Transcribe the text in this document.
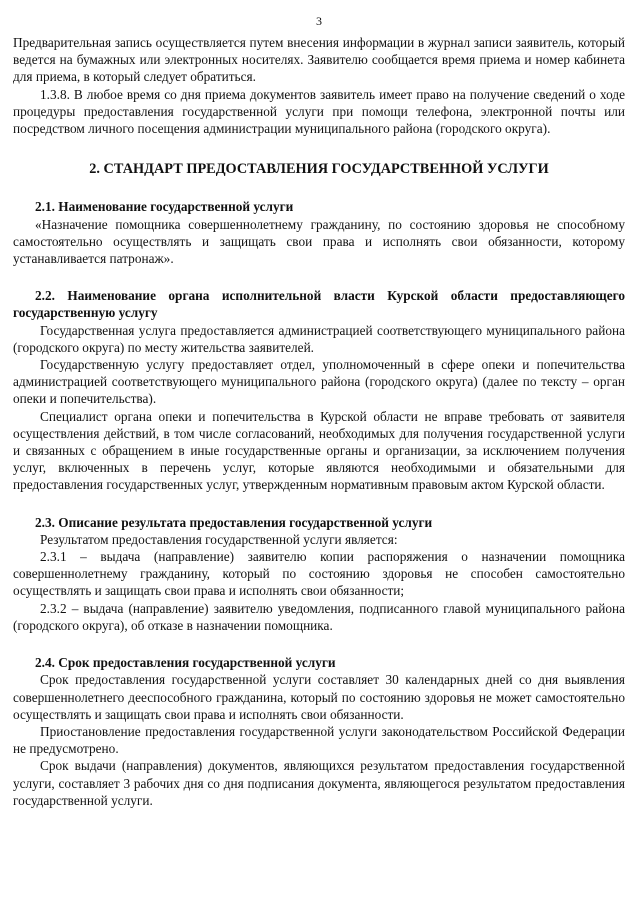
3

Предварительная запись осуществляется путем внесения информации в журнал записи заявитель, который ведется на бумажных или электронных носителях. Заявителю сообщается время приема и номер кабинета для приема, в который следует обратиться.

1.3.8. В любое время со дня приема документов заявитель имеет право на получение сведений о ходе процедуры предоставления государственной услуги при помощи телефона, электронной почты или посредством личного посещения администрации муниципального района (городского округа).

2. СТАНДАРТ ПРЕДОСТАВЛЕНИЯ ГОСУДАРСТВЕННОЙ УСЛУГИ

2.1. Наименование государственной услуги

«Назначение помощника совершеннолетнему гражданину, по состоянию здоровья не способному самостоятельно осуществлять и защищать свои права и исполнять свои обязанности, которому устанавливается патронаж».

2.2. Наименование органа исполнительной власти Курской области предоставляющего государственную услугу

Государственная услуга предоставляется администрацией соответствующего муниципального района (городского округа) по месту жительства заявителей.

Государственную услугу предоставляет отдел, уполномоченный в сфере опеки и попечительства администрацией соответствующего муниципального района (городского округа) (далее по тексту – орган опеки и попечительства).

Специалист органа опеки и попечительства в Курской области не вправе требовать от заявителя осуществления действий, в том числе согласований, необходимых для получения государственной услуги и связанных с обращением в иные государственные органы и организации, за исключением получения услуг, включенных в перечень услуг, которые являются необходимыми и обязательными для предоставления государственных услуг, утвержденным нормативным правовым актом Курской области.

2.3. Описание результата предоставления государственной услуги

Результатом предоставления государственной услуги является:

2.3.1 – выдача (направление) заявителю копии распоряжения о назначении помощника совершеннолетнему гражданину, который по состоянию здоровья не способен самостоятельно осуществлять и защищать свои права и исполнять свои обязанности;

2.3.2 – выдача (направление) заявителю уведомления, подписанного главой муниципального района (городского округа), об отказе в назначении помощника.

2.4. Срок предоставления государственной услуги

Срок предоставления государственной услуги составляет 30 календарных дней со дня выявления совершеннолетнего дееспособного гражданина, который по состоянию здоровья не может самостоятельно осуществлять и защищать свои права и исполнять свои обязанности.

Приостановление предоставления государственной услуги законодательством Российской Федерации не предусмотрено.

Срок выдачи (направления) документов, являющихся результатом предоставления государственной услуги, составляет 3 рабочих дня со дня подписания документа, являющегося результатом предоставления государственной услуги.
